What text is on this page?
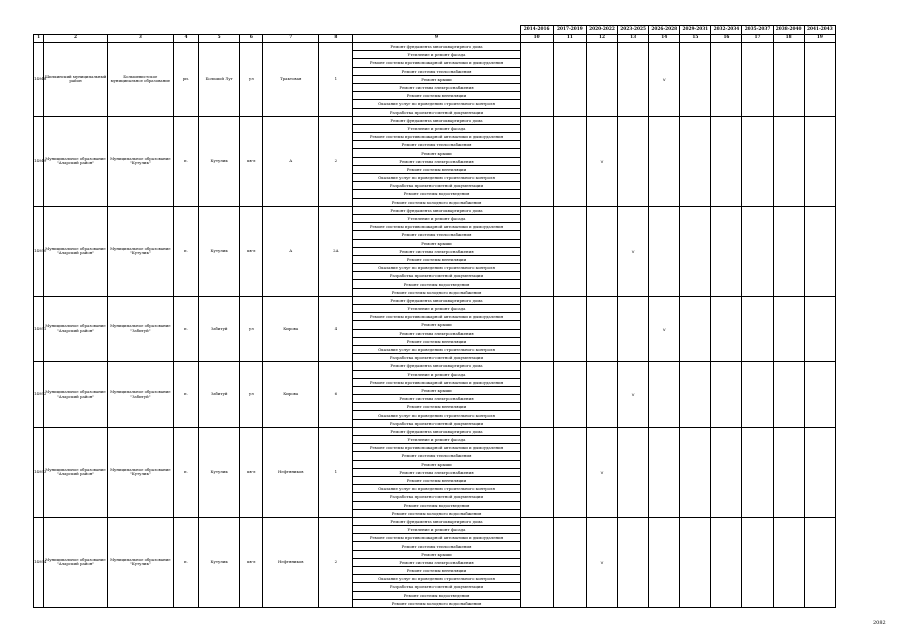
									2014-2016	2017-2019	2020-2022	2023-2025	2026-2028	2029-2031	2032-2034	2035-2037	2038-2040	2041-2043
1	2	3	4	5	6	7	8	9	10	11	12	13	14	15	16	17	18	19
14948	Шилкинский муниципальный район	Большевистское муниципальное образование	рп.	Большой Луг	ул	Трактовая	1	Ремонт фундамента многоквартирного дома					V					
								Утепление и ремонт фасада										
								Ремонт системы противопожарной автоматики и дымоудаления										
								Ремонт системы теплоснабжения										
								Ремонт крыши										
								Ремонт системы электроснабжения										
								Ремонт системы вентиляции										
								Оказание услуг по проведению строительного контроля										
								Разработка проектно-сметной документации										
14949	Муниципальное образование "Аларский район"	Муниципальное образование "Кутулик"	п.	Кутулик	кв-л	А	2	Ремонт фундамента многоквартирного дома			V							
								Утепление и ремонт фасада										
								Ремонт системы противопожарной автоматики и дымоудаления										
								Ремонт системы теплоснабжения										
								Ремонт крыши										
								Ремонт системы электроснабжения										
								Ремонт системы вентиляции										
								Оказание услуг по проведению строительного контроля										
								Разработка проектно-сметной документации										
								Ремонт системы водоотведения										
								Ремонт системы холодного водоснабжения										
14950	Муниципальное образование "Аларский район"	Муниципальное образование "Кутулик"	п.	Кутулик	кв-л	А	2А	Ремонт фундамента многоквартирного дома				V						
								Утепление и ремонт фасада										
								Ремонт системы противопожарной автоматики и дымоудаления										
								Ремонт системы теплоснабжения										
								Ремонт крыши										
								Ремонт системы электроснабжения										
								Ремонт системы вентиляции										
								Оказание услуг по проведению строительного контроля										
								Разработка проектно-сметной документации										
								Ремонт системы водоотведения										
								Ремонт системы холодного водоснабжения										
14951	Муниципальное образование "Аларский район"	Муниципальное образование "Забитуй"	п.	Забитуй	ул	Кирова	4	Ремонт фундамента многоквартирного дома					V					
								Утепление и ремонт фасада										
								Ремонт системы противопожарной автоматики и дымоудаления										
								Ремонт крыши										
								Ремонт системы электроснабжения										
								Ремонт системы вентиляции										
								Оказание услуг по проведению строительного контроля										
								Разработка проектно-сметной документации										
14952	Муниципальное образование "Аларский район"	Муниципальное образование "Забитуй"	п.	Забитуй	ул	Кирова	6	Ремонт фундамента многоквартирного дома				V						
								Утепление и ремонт фасада										
								Ремонт системы противопожарной автоматики и дымоудаления										
								Ремонт крыши										
								Ремонт системы электроснабжения										
								Ремонт системы вентиляции										
								Оказание услуг по проведению строительного контроля										
								Разработка проектно-сметной документации										
14953	Муниципальное образование "Аларский район"	Муниципальное образование "Кутулик"	п.	Кутулик	кв-л	Нефтяников	1	Ремонт фундамента многоквартирного дома			V							
								Утепление и ремонт фасада										
								Ремонт системы противопожарной автоматики и дымоудаления										
								Ремонт системы теплоснабжения										
								Ремонт крыши										
								Ремонт системы электроснабжения										
								Ремонт системы вентиляции										
								Оказание услуг по проведению строительного контроля										
								Разработка проектно-сметной документации										
								Ремонт системы водоотведения										
								Ремонт системы холодного водоснабжения										
14954	Муниципальное образование "Аларский район"	Муниципальное образование "Кутулик"	п.	Кутулик	кв-л	Нефтяников	2	Ремонт фундамента многоквартирного дома			V							
								Утепление и ремонт фасада										
								Ремонт системы противопожарной автоматики и дымоудаления										
								Ремонт системы теплоснабжения										
								Ремонт крыши										
								Ремонт системы электроснабжения										
								Ремонт системы вентиляции										
								Оказание услуг по проведению строительного контроля										
								Разработка проектно-сметной документации										
								Ремонт системы водоотведения										
								Ремонт системы холодного водоснабжения										
2082
